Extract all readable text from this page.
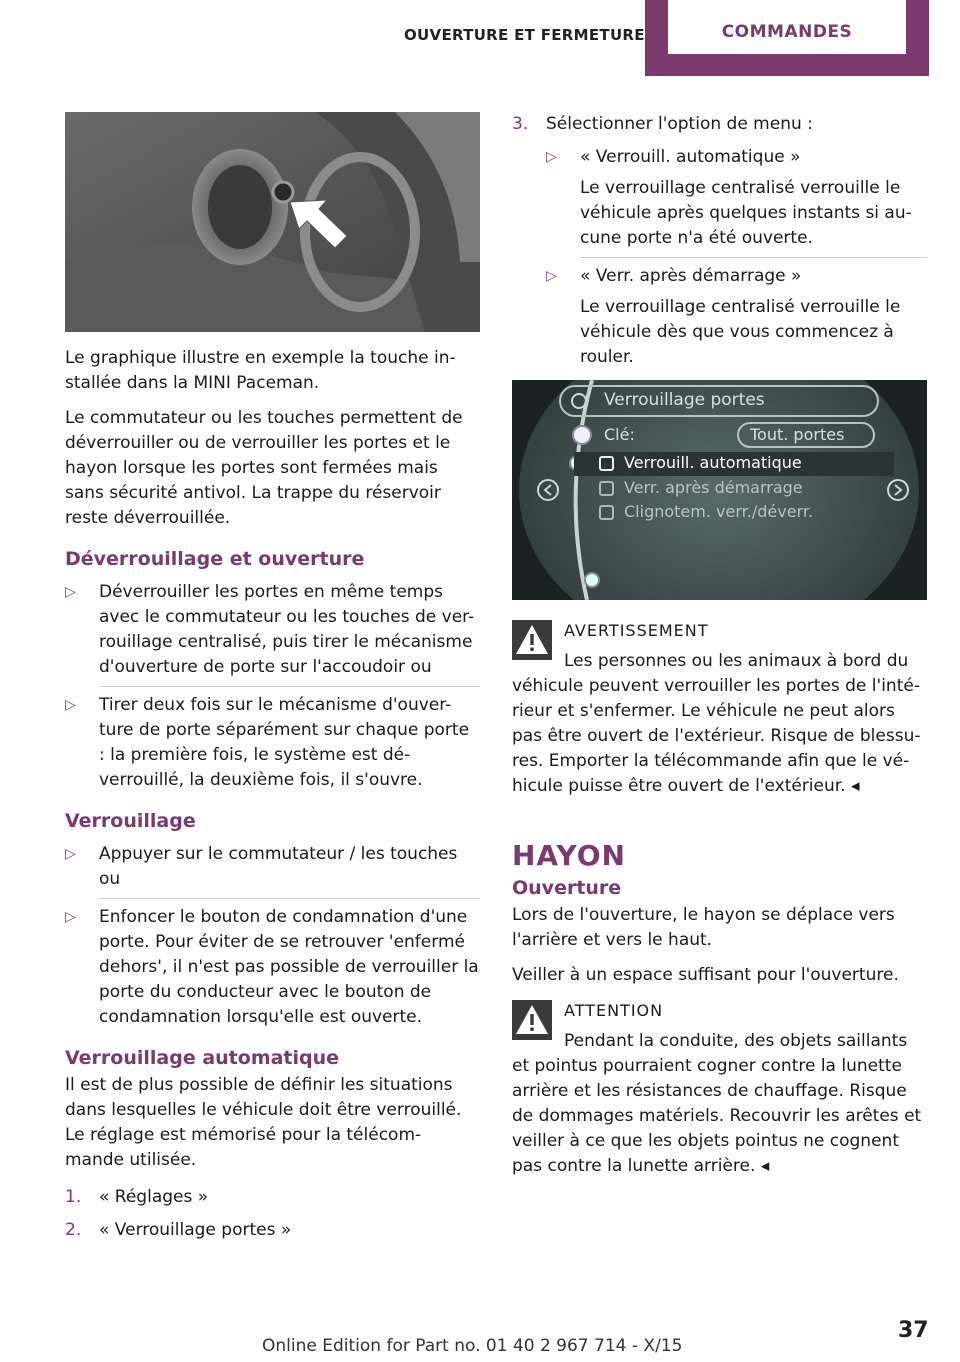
OUVERTURE ET FERMETURE	COMMANDES

Le graphique illustre en exemple la touche in-stallée dans la MINI Paceman.

Le commutateur ou les touches permettent de déverrouiller ou de verrouiller les portes et le hayon lorsque les portes sont fermées mais sans sécurité antivol. La trappe du réservoir reste déverrouillée.

Déverrouillage et ouverture
▷ Déverrouiller les portes en même temps avec le commutateur ou les touches de ver-rouillage centralisé, puis tirer le mécanisme d'ouverture de porte sur l'accoudoir ou
▷ Tirer deux fois sur le mécanisme d'ouver-ture de porte séparément sur chaque porte : la première fois, le système est dé-verrouillé, la deuxième fois, il s'ouvre.
Verrouillage
▷ Appuyer sur le commutateur / les touches ou
▷ Enfoncer le bouton de condamnation d'une porte. Pour éviter de se retrouver 'enfermé dehors', il n'est pas possible de verrouiller la porte du conducteur avec le bouton de condamnation lorsqu'elle est ouverte.
Verrouillage automatique

Il est de plus possible de définir les situations dans lesquelles le véhicule doit être verrouillé. Le réglage est mémorisé pour la télécom-mande utilisée.

1. « Réglages »
2. « Verrouillage portes »
3. Sélectionner l'option de menu :
▷ « Verrouill. automatique »
Le verrouillage centralisé verrouille le véhicule après quelques instants si au-cune porte n'a été ouverte.
▷ « Verr. après démarrage »
Le verrouillage centralisé verrouille le véhicule dès que vous commencez à rouler.
Verrouillage portes
Clé:	Tout. portes
Verrouill. automatique
Verr. après démarrage
Clignotem. verr./déverr.
AVERTISSEMENT

Les personnes ou les animaux à bord du véhicule peuvent verrouiller les portes de l'inté-rieur et s'enfermer. Le véhicule ne peut alors pas être ouvert de l'extérieur. Risque de blessu-res. Emporter la télécommande afin que le vé-hicule puisse être ouvert de l'extérieur. ◂

HAYON
Ouverture

Lors de l'ouverture, le hayon se déplace vers l'arrière et vers le haut.

Veiller à un espace suffisant pour l'ouverture.

ATTENTION

Pendant la conduite, des objets saillants et pointus pourraient cogner contre la lunette arrière et les résistances de chauffage. Risque de dommages matériels. Recouvrir les arêtes et veiller à ce que les objets pointus ne cognent pas contre la lunette arrière. ◂

Online Edition for Part no. 01 40 2 967 714 - X/15
37
